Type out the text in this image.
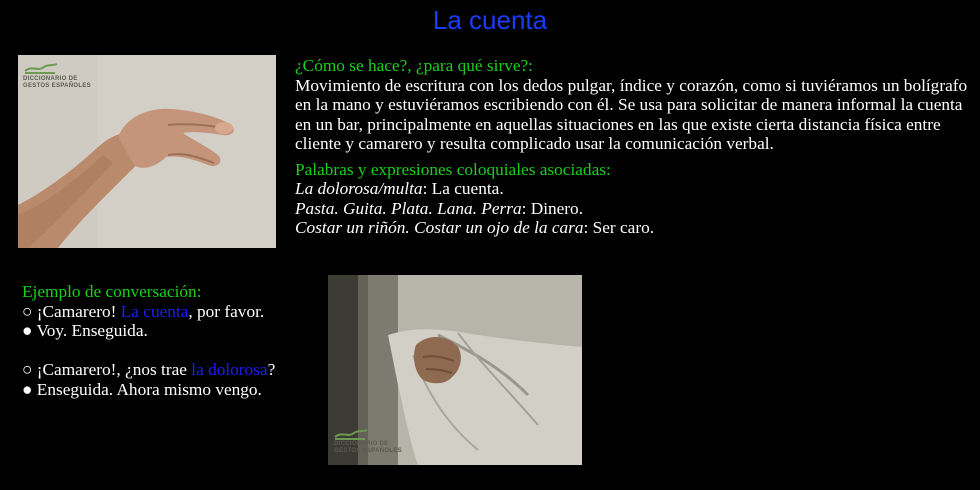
La cuenta
DICCIONARIO DE
GESTOS ESPAÑOLES
¿Cómo se hace?, ¿para qué sirve?:
Movimiento de escritura con los dedos pulgar, índice y corazón, como si tuviéramos un bolígrafo en la mano y estuviéramos escribiendo con él. Se usa para solicitar de manera informal la cuenta en un bar, principalmente en aquellas situaciones en las que existe cierta distancia física entre cliente y camarero y resulta complicado usar la comunicación verbal.
Palabras y expresiones coloquiales asociadas:
La dolorosa/multa: La cuenta.
Pasta. Guita. Plata. Lana. Perra: Dinero.
Costar un riñón. Costar un ojo de la cara: Ser caro.
Ejemplo de conversación:
○ ¡Camarero! La cuenta, por favor.
● Voy. Enseguida.
○ ¡Camarero!, ¿nos trae la dolorosa?
● Enseguida. Ahora mismo vengo.
DICCIONARIO DE
GESTOS ESPAÑOLES
